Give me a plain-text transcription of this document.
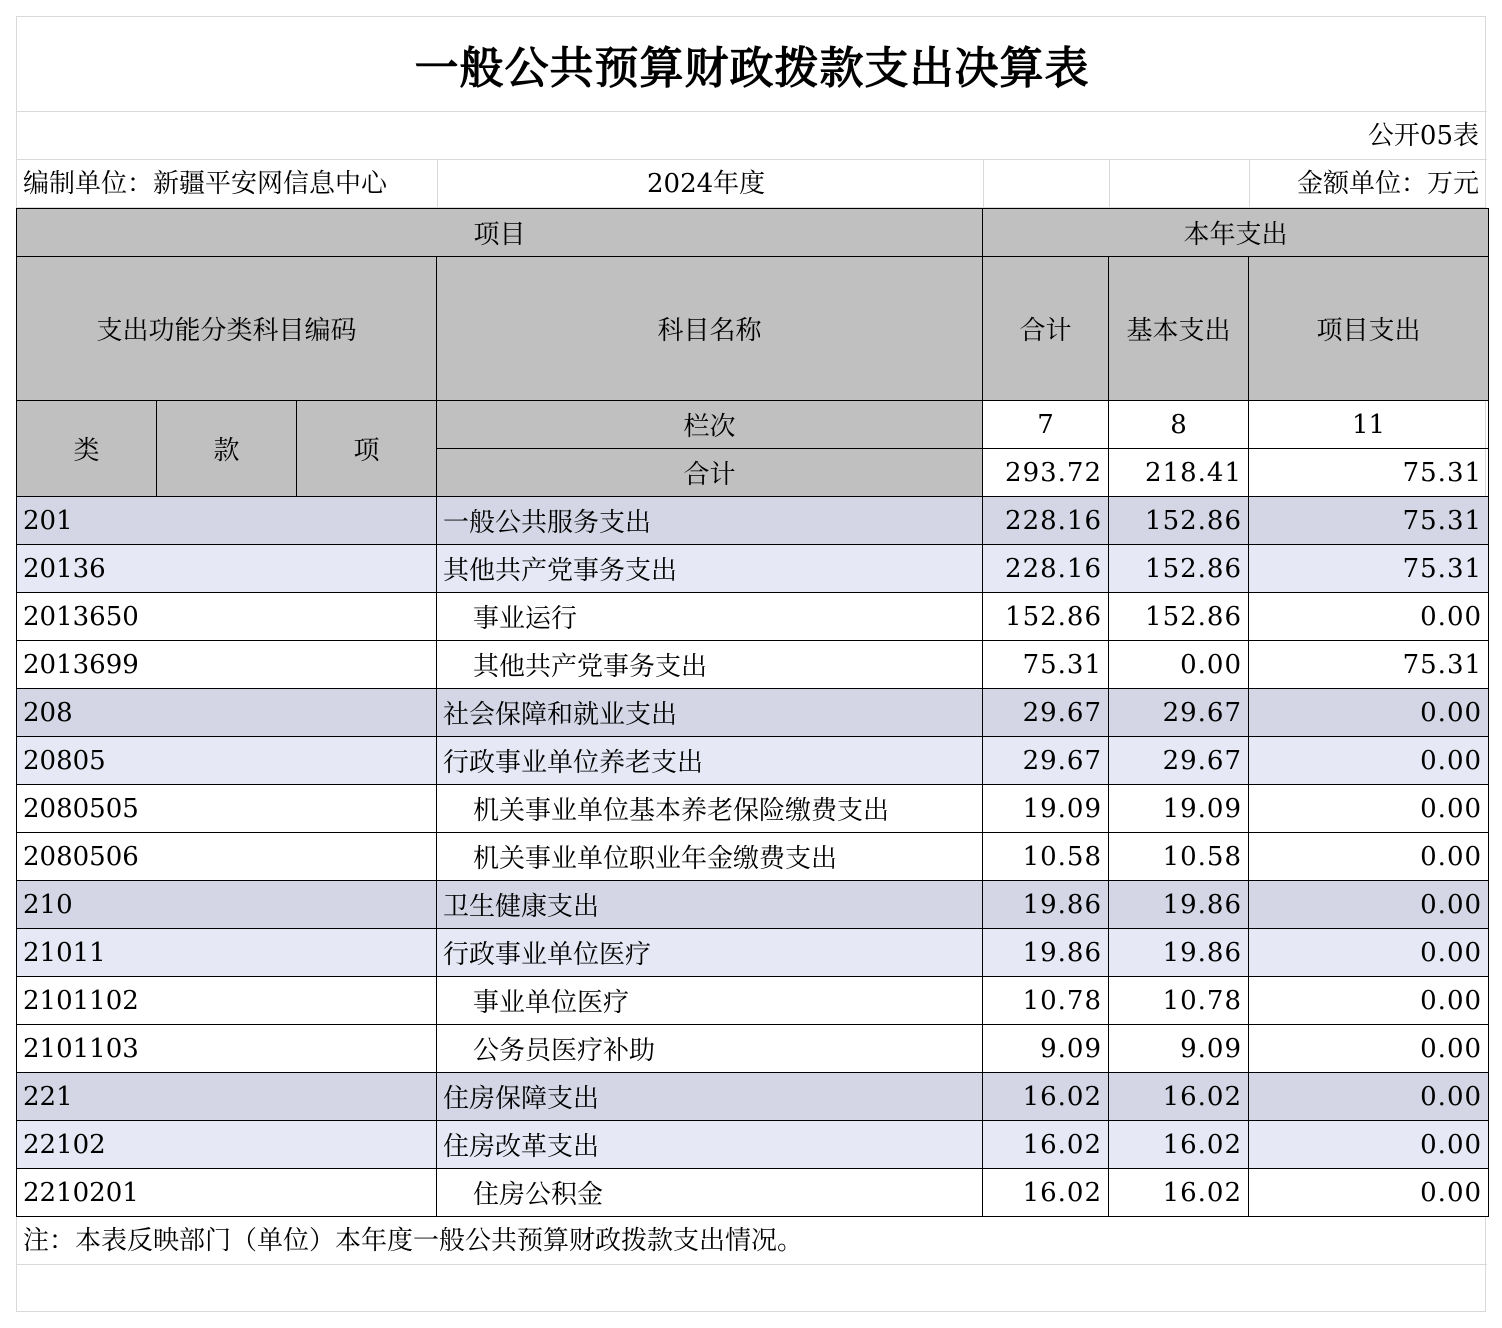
一般公共预算财政拨款支出决算表
公开05表
编制单位：新疆平安网信息中心	2024年度	金额单位：万元
项目				本年支出		
支出功能分类科目编码			科目名称	合计	基本支出	项目支出
类	款	项	栏次	7	8	11
			合计	293.72	218.41	75.31
201			一般公共服务支出	228.16	152.86	75.31
20136			其他共产党事务支出	228.16	152.86	75.31
2013650			事业运行	152.86	152.86	0.00
2013699			其他共产党事务支出	75.31	0.00	75.31
208			社会保障和就业支出	29.67	29.67	0.00
20805			行政事业单位养老支出	29.67	29.67	0.00
2080505			机关事业单位基本养老保险缴费支出	19.09	19.09	0.00
2080506			机关事业单位职业年金缴费支出	10.58	10.58	0.00
210			卫生健康支出	19.86	19.86	0.00
21011			行政事业单位医疗	19.86	19.86	0.00
2101102			事业单位医疗	10.78	10.78	0.00
2101103			公务员医疗补助	9.09	9.09	0.00
221			住房保障支出	16.02	16.02	0.00
22102			住房改革支出	16.02	16.02	0.00
2210201			住房公积金	16.02	16.02	0.00
注：本表反映部门（单位）本年度一般公共预算财政拨款支出情况。
